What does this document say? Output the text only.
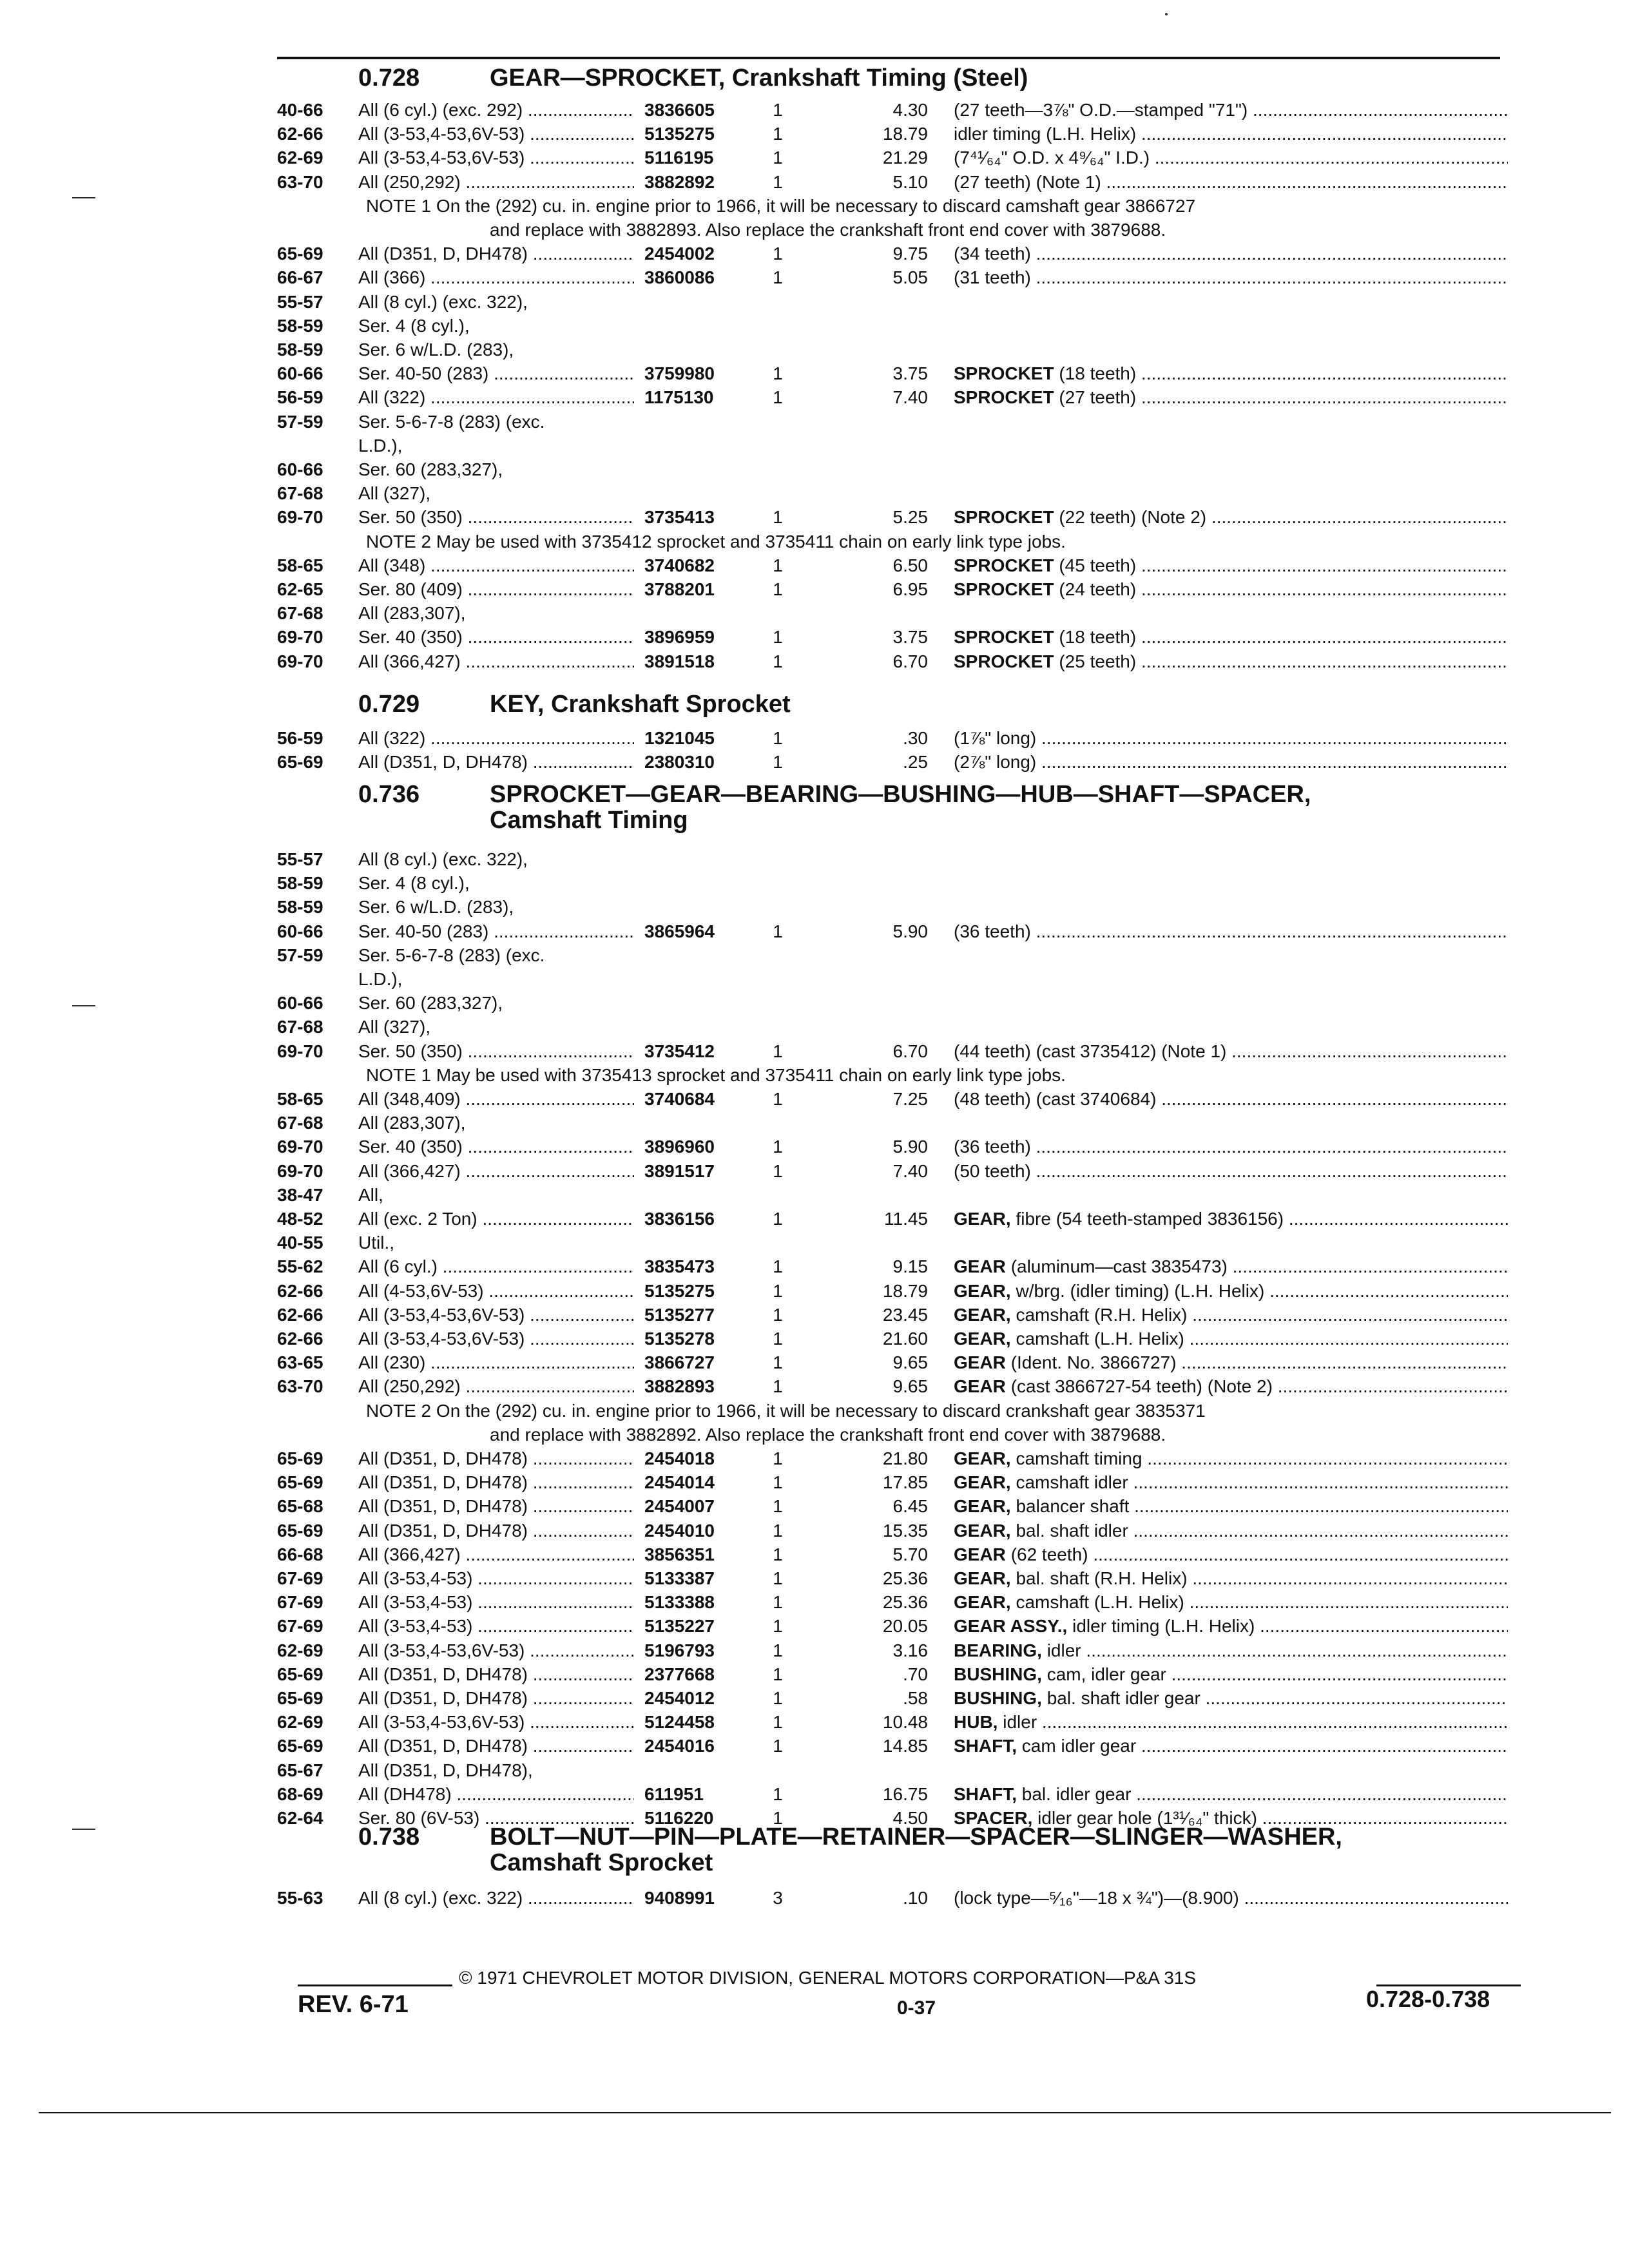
0.728	GEAR—SPROCKET, Crankshaft Timing (Steel)
40-66 All (6 cyl.) (exc. 292) .....	3836605	1	4.30 (27 teeth—3⅞" O.D.—stamped "71") .....
62-66 All (3-53,4-53,6V-53) .....	5135275	1	18.79 idler timing (L.H. Helix) .....
62-69 All (3-53,4-53,6V-53) .....	5116195	1	21.29 (7⁴¹⁄₆₄" O.D. x 4⁹⁄₆₄" I.D.) .....
63-70 All (250,292) .....	3882892	1	5.10 (27 teeth) (Note 1) .....
NOTE 1 On the (292) cu. in. engine prior to 1966, it will be necessary to discard camshaft gear 3866727
and replace with 3882893. Also replace the crankshaft front end cover with 3879688.
65-69 All (D351, D, DH478) .....	2454002	1	9.75 (34 teeth) .....
66-67 All (366) .....	3860086	1	5.05 (31 teeth) .....
55-57 All (8 cyl.) (exc. 322),
58-59 Ser. 4 (8 cyl.),
58-59 Ser. 6 w/L.D. (283),
60-66 Ser. 40-50 (283) .....	3759980	1	3.75 SPROCKET (18 teeth) .....
56-59 All (322) .....	1175130	1	7.40 SPROCKET (27 teeth) .....
57-59 Ser. 5-6-7-8 (283) (exc.
L.D.),
60-66 Ser. 60 (283,327),
67-68 All (327),
69-70 Ser. 50 (350) .....	3735413	1	5.25 SPROCKET (22 teeth) (Note 2) .....
NOTE 2 May be used with 3735412 sprocket and 3735411 chain on early link type jobs.
58-65 All (348) .....	3740682	1	6.50 SPROCKET (45 teeth) .....
62-65 Ser. 80 (409) .....	3788201	1	6.95 SPROCKET (24 teeth) .....
67-68 All (283,307),
69-70 Ser. 40 (350) .....	3896959	1	3.75 SPROCKET (18 teeth) .....
69-70 All (366,427) .....	3891518	1	6.70 SPROCKET (25 teeth) .....
0.729	KEY, Crankshaft Sprocket
56-59 All (322) .....	1321045	1	.30 (1⅞" long) .....
65-69 All (D351, D, DH478) .....	2380310	1	.25 (2⅞" long) .....
0.736	SPROCKET—GEAR—BEARING—BUSHING—HUB—SHAFT—SPACER,
Camshaft Timing
55-57 All (8 cyl.) (exc. 322),
58-59 Ser. 4 (8 cyl.),
58-59 Ser. 6 w/L.D. (283),
60-66 Ser. 40-50 (283) .....	3865964	1	5.90 (36 teeth) .....
57-59 Ser. 5-6-7-8 (283) (exc.
L.D.),
60-66 Ser. 60 (283,327),
67-68 All (327),
69-70 Ser. 50 (350) .....	3735412	1	6.70 (44 teeth) (cast 3735412) (Note 1) .....
NOTE 1 May be used with 3735413 sprocket and 3735411 chain on early link type jobs.
58-65 All (348,409) .....	3740684	1	7.25 (48 teeth) (cast 3740684) .....
67-68 All (283,307),
69-70 Ser. 40 (350) .....	3896960	1	5.90 (36 teeth) .....
69-70 All (366,427) .....	3891517	1	7.40 (50 teeth) .....
38-47 All,
48-52 All (exc. 2 Ton) .....	3836156	1	11.45 GEAR, fibre (54 teeth-stamped 3836156) .....
40-55 Util.,
55-62 All (6 cyl.) .....	3835473	1	9.15 GEAR (aluminum—cast 3835473) .....
62-66 All (4-53,6V-53) .....	5135275	1	18.79 GEAR, w/brg. (idler timing) (L.H. Helix) .....
62-66 All (3-53,4-53,6V-53) .....	5135277	1	23.45 GEAR, camshaft (R.H. Helix) .....
62-66 All (3-53,4-53,6V-53) .....	5135278	1	21.60 GEAR, camshaft (L.H. Helix) .....
63-65 All (230) .....	3866727	1	9.65 GEAR (Ident. No. 3866727) .....
63-70 All (250,292) .....	3882893	1	9.65 GEAR (cast 3866727-54 teeth) (Note 2) .....
NOTE 2 On the (292) cu. in. engine prior to 1966, it will be necessary to discard crankshaft gear 3835371
and replace with 3882892. Also replace the crankshaft front end cover with 3879688.
65-69 All (D351, D, DH478) .....	2454018	1	21.80 GEAR, camshaft timing .....
65-69 All (D351, D, DH478) .....	2454014	1	17.85 GEAR, camshaft idler .....
65-68 All (D351, D, DH478) .....	2454007	1	6.45 GEAR, balancer shaft .....
65-69 All (D351, D, DH478) .....	2454010	1	15.35 GEAR, bal. shaft idler .....
66-68 All (366,427) .....	3856351	1	5.70 GEAR (62 teeth) .....
67-69 All (3-53,4-53) .....	5133387	1	25.36 GEAR, bal. shaft (R.H. Helix) .....
67-69 All (3-53,4-53) .....	5133388	1	25.36 GEAR, camshaft (L.H. Helix) .....
67-69 All (3-53,4-53) .....	5135227	1	20.05 GEAR ASSY., idler timing (L.H. Helix) .....
62-69 All (3-53,4-53,6V-53) .....	5196793	1	3.16 BEARING, idler .....
65-69 All (D351, D, DH478) .....	2377668	1	.70 BUSHING, cam, idler gear .....
65-69 All (D351, D, DH478) .....	2454012	1	.58 BUSHING, bal. shaft idler gear .....
62-69 All (3-53,4-53,6V-53) .....	5124458	1	10.48 HUB, idler .....
65-69 All (D351, D, DH478) .....	2454016	1	14.85 SHAFT, cam idler gear .....
65-67 All (D351, D, DH478),
68-69 All (DH478) .....	611951	1	16.75 SHAFT, bal. idler gear .....
62-64 Ser. 80 (6V-53) .....	5116220	1	4.50 SPACER, idler gear hole (1³¹⁄₆₄" thick) .....
0.738	BOLT—NUT—PIN—PLATE—RETAINER—SPACER—SLINGER—WASHER,
Camshaft Sprocket
55-63 All (8 cyl.) (exc. 322) .....	9408991	3	.10 (lock type—⁵⁄₁₆"—18 x ¾")—(8.900) .....
© 1971 CHEVROLET MOTOR DIVISION, GENERAL MOTORS CORPORATION—P&A 31S
REV. 6-71	0-37	0.728-0.738
